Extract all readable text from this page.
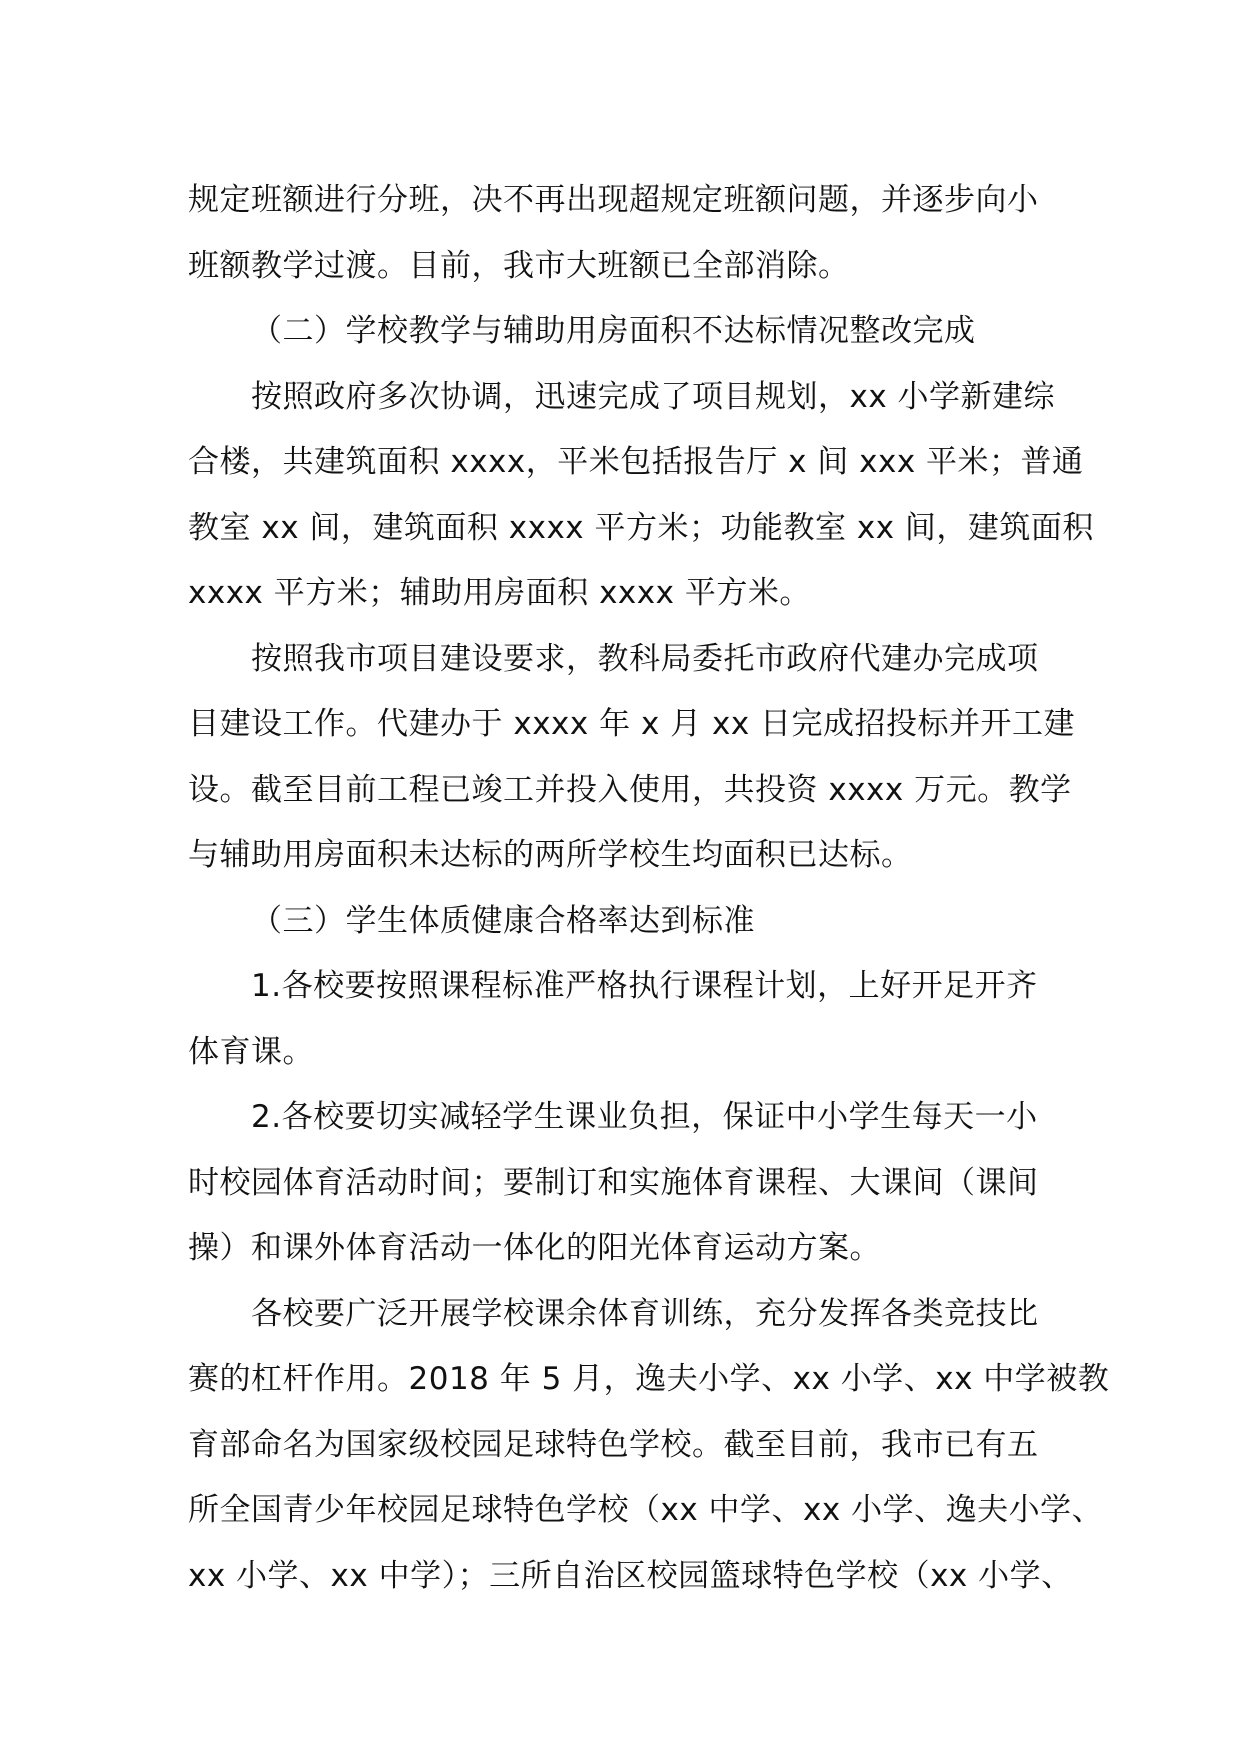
规定班额进行分班，决不再出现超规定班额问题，并逐步向小
班额教学过渡。目前，我市大班额已全部消除。
（二）学校教学与辅助用房面积不达标情况整改完成
按照政府多次协调，迅速完成了项目规划，xx 小学新建综
合楼，共建筑面积 xxxx，平米包括报告厅 x 间 xxx 平米；普通
教室 xx 间，建筑面积 xxxx 平方米；功能教室 xx 间，建筑面积
xxxx 平方米；辅助用房面积 xxxx 平方米。
按照我市项目建设要求，教科局委托市政府代建办完成项
目建设工作。代建办于 xxxx 年 x 月 xx 日完成招投标并开工建
设。截至目前工程已竣工并投入使用，共投资 xxxx 万元。教学
与辅助用房面积未达标的两所学校生均面积已达标。
（三）学生体质健康合格率达到标准
1.各校要按照课程标准严格执行课程计划，上好开足开齐
体育课。
2.各校要切实减轻学生课业负担，保证中小学生每天一小
时校园体育活动时间；要制订和实施体育课程、大课间（课间
操）和课外体育活动一体化的阳光体育运动方案。
各校要广泛开展学校课余体育训练，充分发挥各类竞技比
赛的杠杆作用。2018 年 5 月，逸夫小学、xx 小学、xx 中学被教
育部命名为国家级校园足球特色学校。截至目前，我市已有五
所全国青少年校园足球特色学校（xx 中学、xx 小学、逸夫小学、
xx 小学、xx 中学）；三所自治区校园篮球特色学校（xx 小学、
